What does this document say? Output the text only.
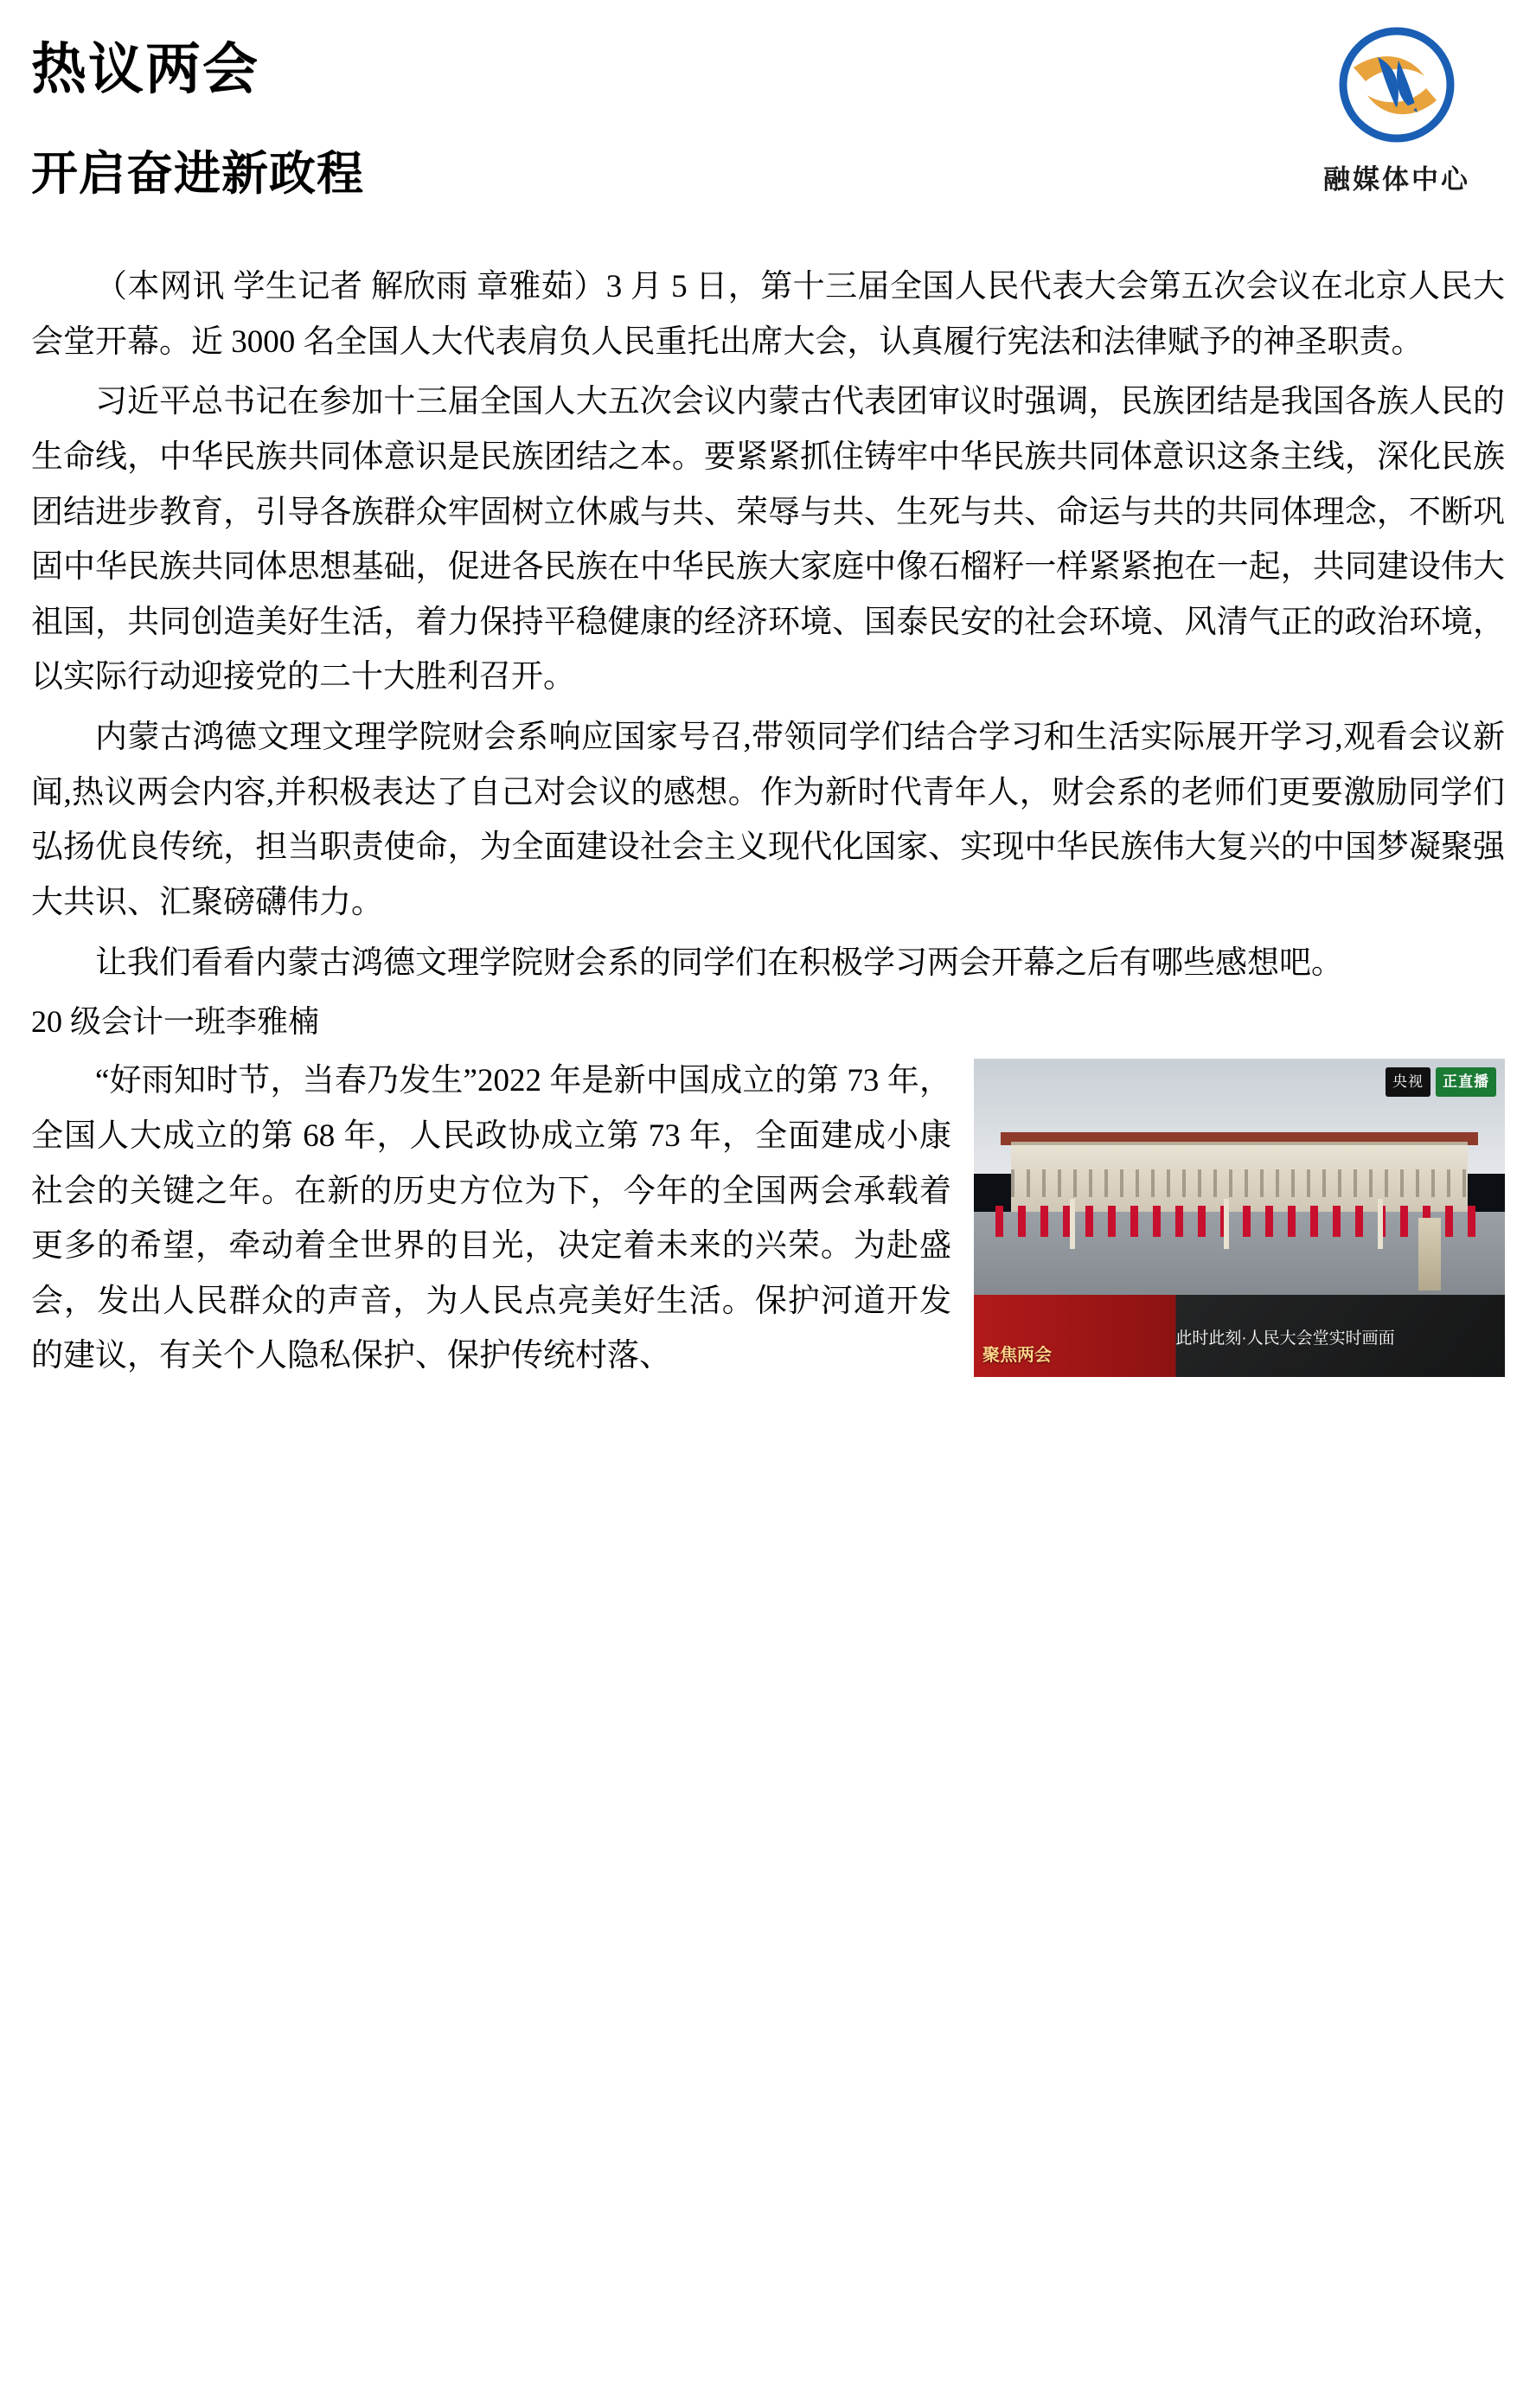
热议两会
开启奋进新政程	融媒体中心

（本网讯 学生记者 解欣雨 章雅茹）3 月 5 日，第十三届全国人民代表大会第五次会议在北京人民大会堂开幕。近 3000 名全国人大代表肩负人民重托出席大会，认真履行宪法和法律赋予的神圣职责。

习近平总书记在参加十三届全国人大五次会议内蒙古代表团审议时强调，民族团结是我国各族人民的生命线，中华民族共同体意识是民族团结之本。要紧紧抓住铸牢中华民族共同体意识这条主线，深化民族团结进步教育，引导各族群众牢固树立休戚与共、荣辱与共、生死与共、命运与共的共同体理念，不断巩固中华民族共同体思想基础，促进各民族在中华民族大家庭中像石榴籽一样紧紧抱在一起，共同建设伟大祖国，共同创造美好生活，着力保持平稳健康的经济环境、国泰民安的社会环境、风清气正的政治环境，以实际行动迎接党的二十大胜利召开。

内蒙古鸿德文理文理学院财会系响应国家号召,带领同学们结合学习和生活实际展开学习,观看会议新闻,热议两会内容,并积极表达了自己对会议的感想。作为新时代青年人，财会系的老师们更要激励同学们弘扬优良传统，担当职责使命，为全面建设社会主义现代化国家、实现中华民族伟大复兴的中国梦凝聚强大共识、汇聚磅礴伟力。

让我们看看内蒙古鸿德文理学院财会系的同学们在积极学习两会开幕之后有哪些感想吧。

20 级会计一班李雅楠

央视	正直播
聚焦两会
此时此刻·人民大会堂实时画面

“好雨知时节，当春乃发生”2022 年是新中国成立的第 73 年，全国人大成立的第 68 年，人民政协成立第 73 年，全面建成小康社会的关键之年。在新的历史方位为下，今年的全国两会承载着更多的希望，牵动着全世界的目光，决定着未来的兴荣。为赴盛会，发出人民群众的声音，为人民点亮美好生活。保护河道开发的建议，有关个人隐私保护、保护传统村落、
